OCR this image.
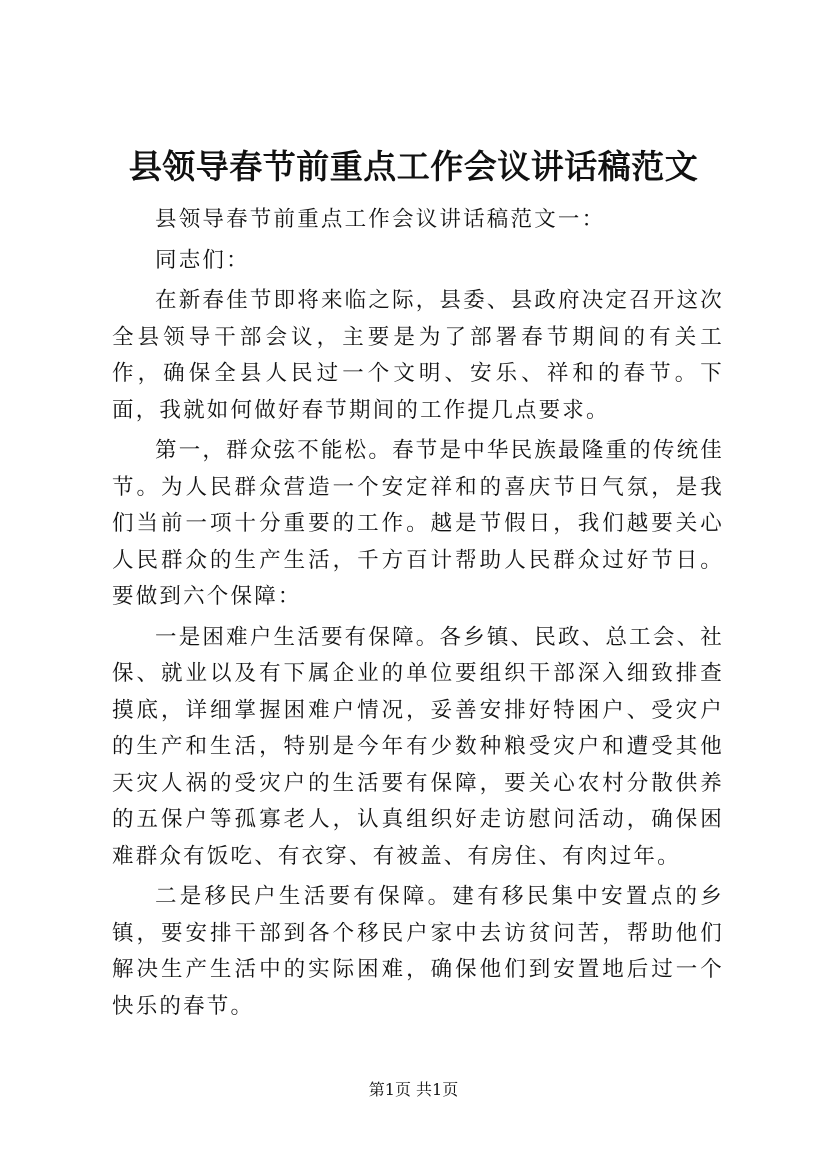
县领导春节前重点工作会议讲话稿范文

县领导春节前重点工作会议讲话稿范文一：

同志们：

在新春佳节即将来临之际，县委、县政府决定召开这次全县领导干部会议，主要是为了部署春节期间的有关工作，确保全县人民过一个文明、安乐、祥和的春节。下面，我就如何做好春节期间的工作提几点要求。

第一，群众弦不能松。春节是中华民族最隆重的传统佳节。为人民群众营造一个安定祥和的喜庆节日气氛，是我们当前一项十分重要的工作。越是节假日，我们越要关心人民群众的生产生活，千方百计帮助人民群众过好节日。要做到六个保障：

一是困难户生活要有保障。各乡镇、民政、总工会、社保、就业以及有下属企业的单位要组织干部深入细致排查摸底，详细掌握困难户情况，妥善安排好特困户、受灾户的生产和生活，特别是今年有少数种粮受灾户和遭受其他天灾人祸的受灾户的生活要有保障，要关心农村分散供养的五保户等孤寡老人，认真组织好走访慰问活动，确保困难群众有饭吃、有衣穿、有被盖、有房住、有肉过年。

二是移民户生活要有保障。建有移民集中安置点的乡镇，要安排干部到各个移民户家中去访贫问苦，帮助他们解决生产生活中的实际困难，确保他们到安置地后过一个快乐的春节。

第1页 共1页
